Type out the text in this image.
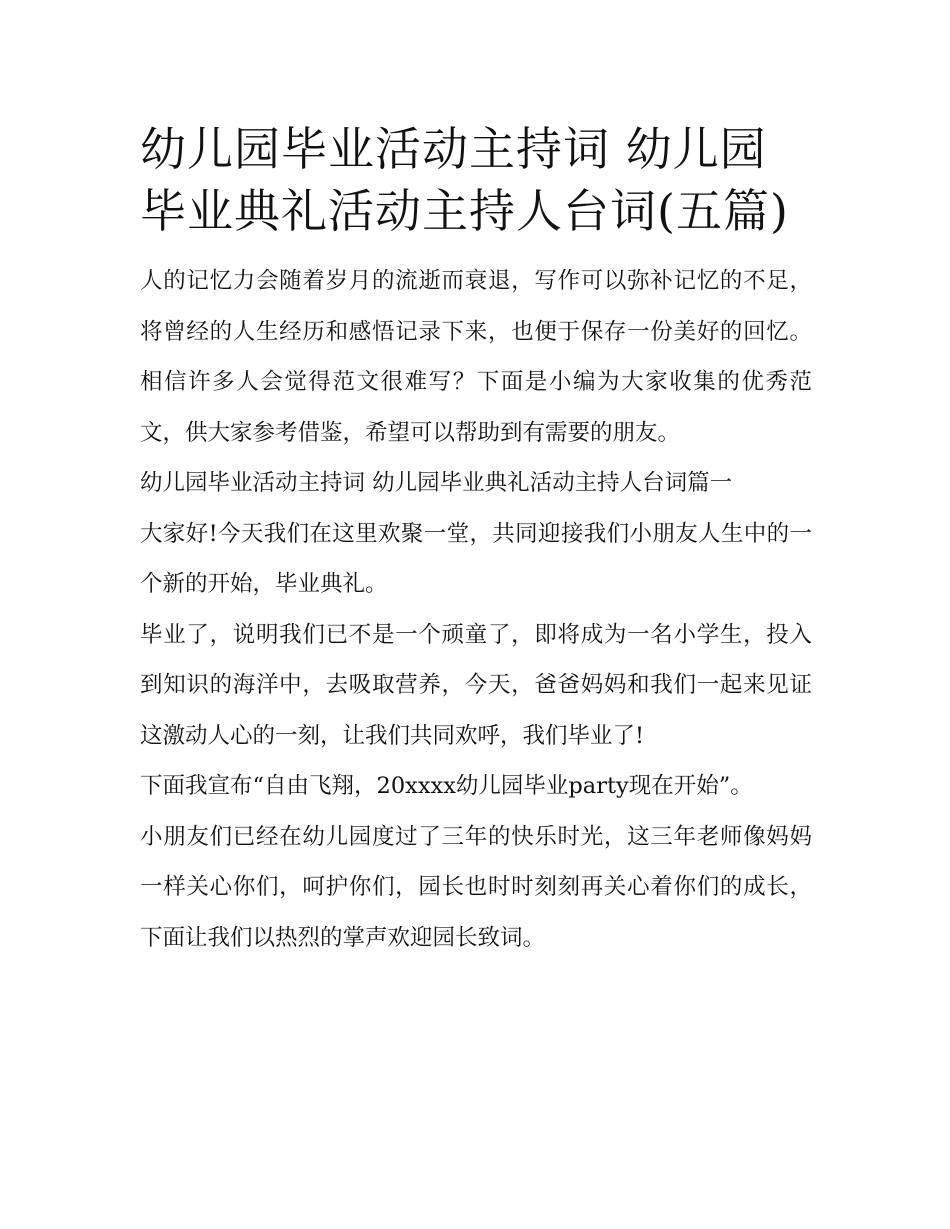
幼儿园毕业活动主持词 幼儿园毕业典礼活动主持人台词(五篇)

人的记忆力会随着岁月的流逝而衰退，写作可以弥补记忆的不足，将曾经的人生经历和感悟记录下来，也便于保存一份美好的回忆。相信许多人会觉得范文很难写？下面是小编为大家收集的优秀范文，供大家参考借鉴，希望可以帮助到有需要的朋友。

幼儿园毕业活动主持词 幼儿园毕业典礼活动主持人台词篇一

大家好!今天我们在这里欢聚一堂，共同迎接我们小朋友人生中的一个新的开始，毕业典礼。

毕业了，说明我们已不是一个顽童了，即将成为一名小学生，投入到知识的海洋中，去吸取营养，今天，爸爸妈妈和我们一起来见证这激动人心的一刻，让我们共同欢呼，我们毕业了!

下面我宣布“自由飞翔，20xxxx幼儿园毕业party现在开始”。

小朋友们已经在幼儿园度过了三年的快乐时光，这三年老师像妈妈一样关心你们，呵护你们，园长也时时刻刻再关心着你们的成长，下面让我们以热烈的掌声欢迎园长致词。
